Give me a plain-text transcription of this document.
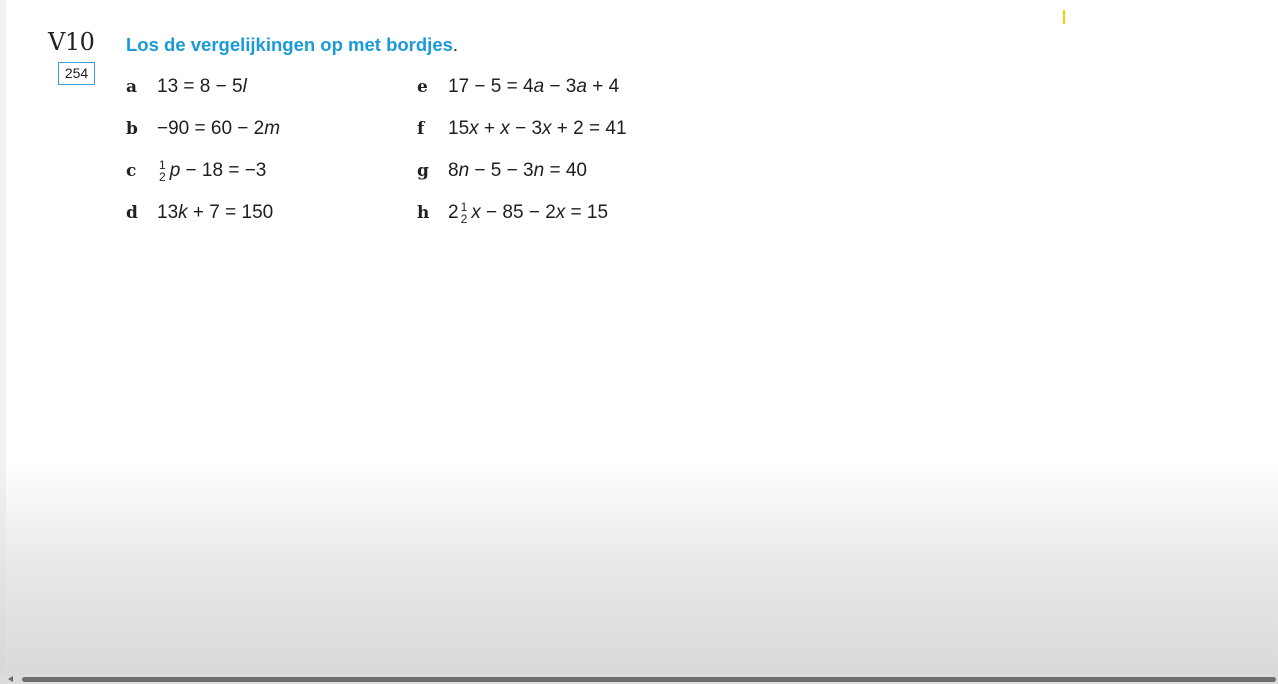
V10
254
Los de vergelijkingen op met bordjes.
a	13 = 8 − 5l
b	−90 = 60 − 2m
c	1
2 p − 18 = −3
d	13k + 7 = 150
e	17 − 5 = 4a − 3a + 4
f	15x + x − 3x + 2 = 41
g	8n − 5 − 3n = 40
h 2 1
2 x − 85 − 2x = 15
